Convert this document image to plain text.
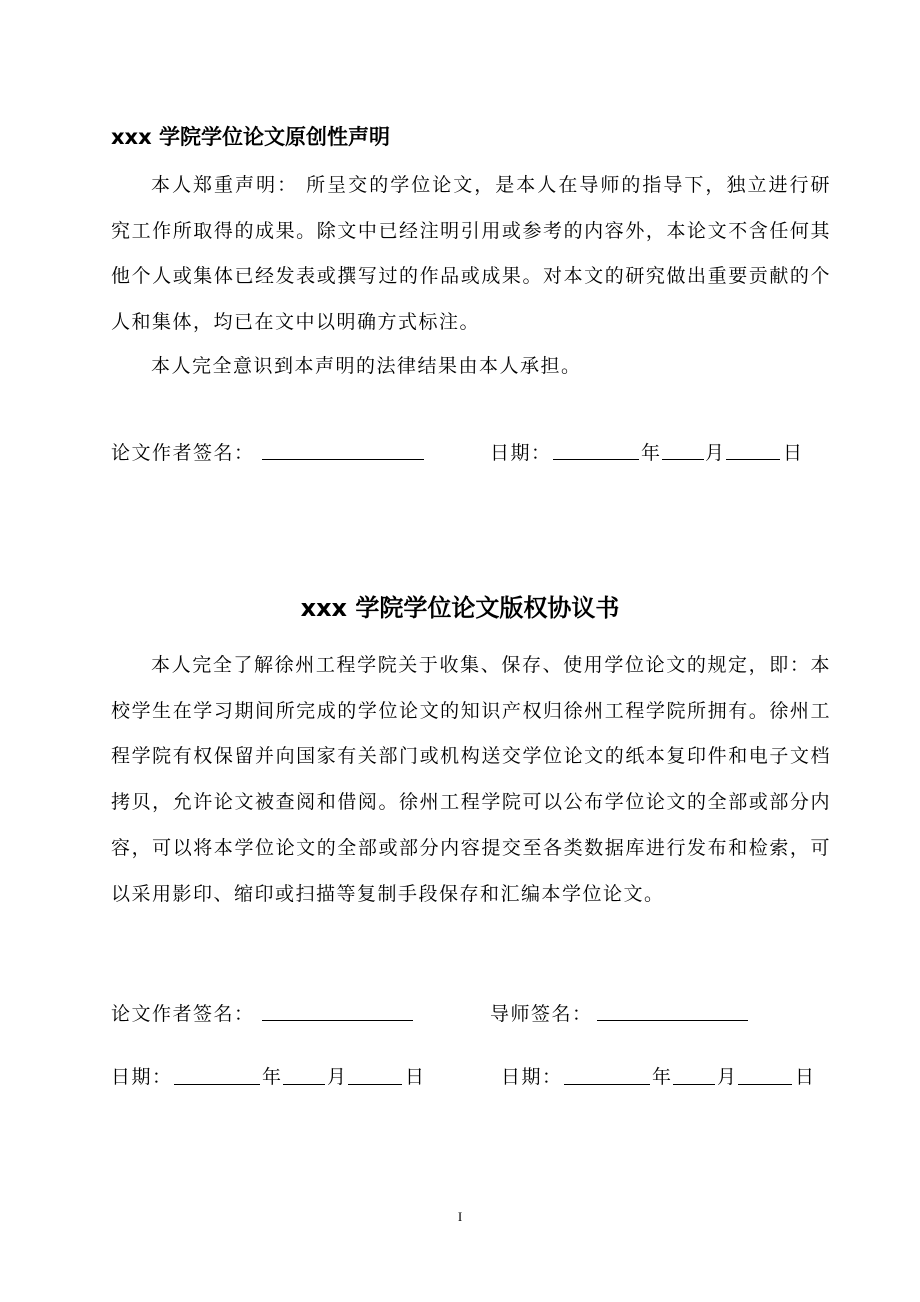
xxx 学院学位论文原创性声明

本人郑重声明： 所呈交的学位论文，是本人在导师的指导下，独立进行研究工作所取得的成果。除文中已经注明引用或参考的内容外，本论文不含任何其他个人或集体已经发表或撰写过的作品或成果。对本文的研究做出重要贡献的个人和集体，均已在文中以明确方式标注。

本人完全意识到本声明的法律结果由本人承担。

论文作者签名：	日期：	年 月	日
xxx 学院学位论文版权协议书

本人完全了解徐州工程学院关于收集、保存、使用学位论文的规定，即：本校学生在学习期间所完成的学位论文的知识产权归徐州工程学院所拥有。徐州工程学院有权保留并向国家有关部门或机构送交学位论文的纸本复印件和电子文档拷贝，允许论文被查阅和借阅。徐州工程学院可以公布学位论文的全部或部分内容，可以将本学位论文的全部或部分内容提交至各类数据库进行发布和检索，可以采用影印、缩印或扫描等复制手段保存和汇编本学位论文。

论文作者签名：	导师签名：
日期：	年 月	日	日期：	年 月	日
I
